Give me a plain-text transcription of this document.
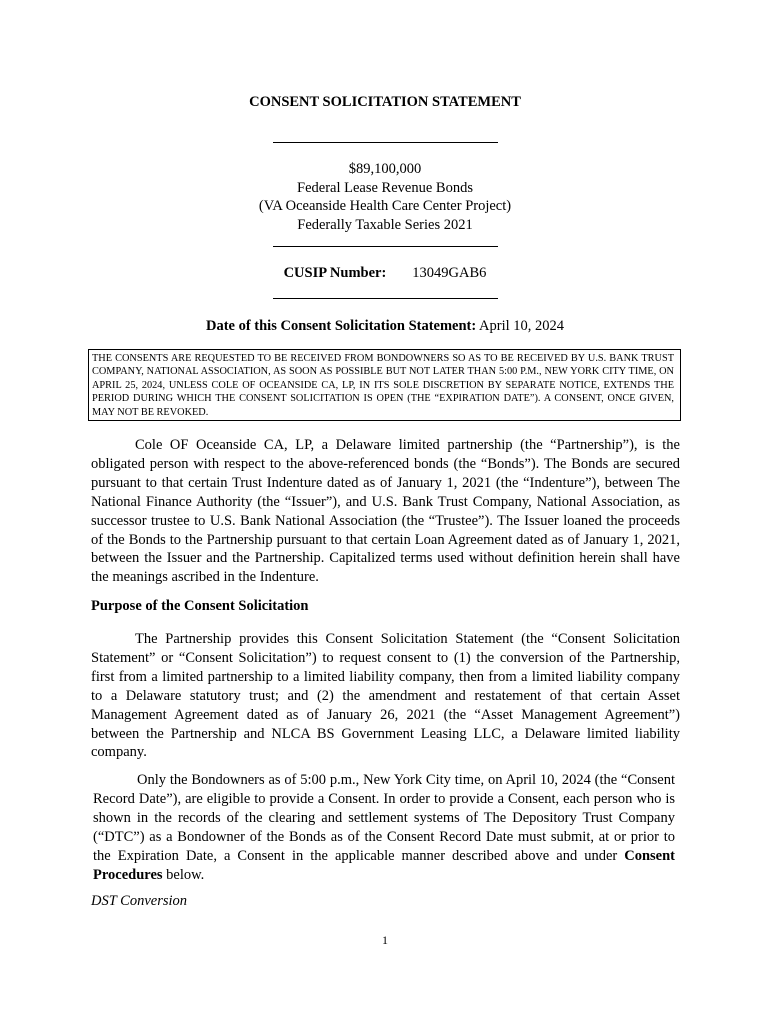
CONSENT SOLICITATION STATEMENT
$89,100,000
Federal Lease Revenue Bonds
(VA Oceanside Health Care Center Project)
Federally Taxable Series 2021
CUSIP Number: 13049GAB6
Date of this Consent Solicitation Statement: April 10, 2024
THE CONSENTS ARE REQUESTED TO BE RECEIVED FROM BONDOWNERS SO AS TO BE RECEIVED BY U.S. BANK TRUST COMPANY, NATIONAL ASSOCIATION, AS SOON AS POSSIBLE BUT NOT LATER THAN 5:00 P.M., NEW YORK CITY TIME, ON APRIL 25, 2024, UNLESS COLE OF OCEANSIDE CA, LP, IN ITS SOLE DISCRETION BY SEPARATE NOTICE, EXTENDS THE PERIOD DURING WHICH THE CONSENT SOLICITATION IS OPEN (THE “EXPIRATION DATE”). A CONSENT, ONCE GIVEN, MAY NOT BE REVOKED.
Cole OF Oceanside CA, LP, a Delaware limited partnership (the “Partnership”), is the obligated person with respect to the above-referenced bonds (the “Bonds”). The Bonds are secured pursuant to that certain Trust Indenture dated as of January 1, 2021 (the “Indenture”), between The National Finance Authority (the “Issuer”), and U.S. Bank Trust Company, National Association, as successor trustee to U.S. Bank National Association (the “Trustee”). The Issuer loaned the proceeds of the Bonds to the Partnership pursuant to that certain Loan Agreement dated as of January 1, 2021, between the Issuer and the Partnership. Capitalized terms used without definition herein shall have the meanings ascribed in the Indenture.
Purpose of the Consent Solicitation
The Partnership provides this Consent Solicitation Statement (the “Consent Solicitation Statement” or “Consent Solicitation”) to request consent to (1) the conversion of the Partnership, first from a limited partnership to a limited liability company, then from a limited liability company to a Delaware statutory trust; and (2) the amendment and restatement of that certain Asset Management Agreement dated as of January 26, 2021 (the “Asset Management Agreement”) between the Partnership and NLCA BS Government Leasing LLC, a Delaware limited liability company.
Only the Bondowners as of 5:00 p.m., New York City time, on April 10, 2024 (the “Consent Record Date”), are eligible to provide a Consent. In order to provide a Consent, each person who is shown in the records of the clearing and settlement systems of The Depository Trust Company (“DTC”) as a Bondowner of the Bonds as of the Consent Record Date must submit, at or prior to the Expiration Date, a Consent in the applicable manner described above and under Consent Procedures below.
DST Conversion
1
